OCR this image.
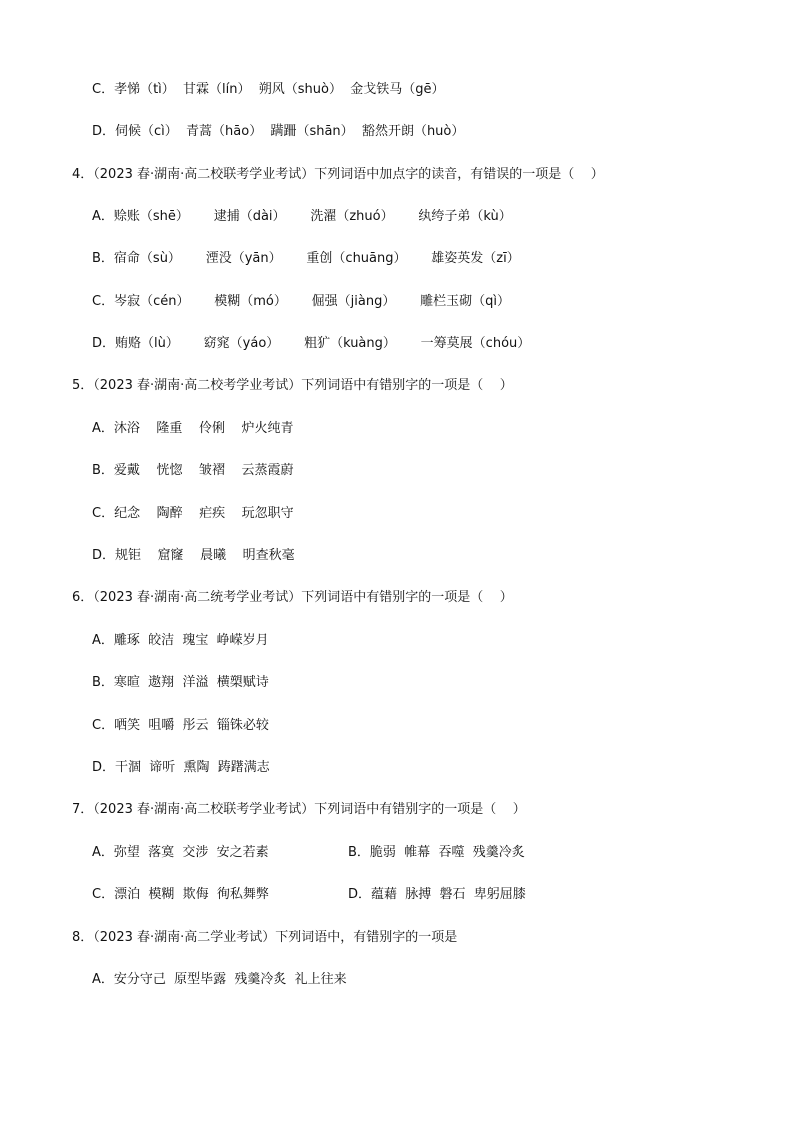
C．孝悌（tì）  甘霖（lín）  朔风（shuò）  金戈铁马（gē）
D．伺候（cì）  青蒿（hāo）  蹒跚（shān）  豁然开朗（huò）
4．（2023 春·湖南·高二校联考学业考试）下列词语中加点字的读音，有错误的一项是（    ）
A．赊账（shē）      逮捕（dài）      洗濯（zhuó）      纨绔子弟（kù）
B．宿命（sù）      湮没（yān）      重创（chuāng）      雄姿英发（zī）
C．岑寂（cén）      模糊（mó）      倔强（jiàng）      雕栏玉砌（qì）
D．贿赂（lù）      窈窕（yáo）      粗犷（kuàng）      一筹莫展（chóu）
5．（2023 春·湖南·高二校考学业考试）下列词语中有错别字的一项是（    ）
A．沐浴    隆重    伶俐    炉火纯青
B．爱戴    恍惚    皱褶    云蒸霞蔚
C．纪念    陶醉    疟疾    玩忽职守
D．规钜    窟窿    晨曦    明查秋毫
6．（2023 春·湖南·高二统考学业考试）下列词语中有错别字的一项是（    ）
A．雕琢  皎洁  瑰宝  峥嵘岁月
B．寒暄  遨翔  洋溢  横槊赋诗
C．哂笑  咀嚼  彤云  锱铢必较
D．干涸  谛听  熏陶  踌躇满志
7．（2023 春·湖南·高二校联考学业考试）下列词语中有错别字的一项是（    ）
A．弥望  落寞  交涉  安之若素	B．脆弱  帷幕  吞噬  残羹冷炙
C．漂泊  模糊  欺侮  徇私舞弊	D．蕴藉  脉搏  磐石  卑躬屈膝
8．（2023 春·湖南·高二学业考试）下列词语中，有错别字的一项是
A．安分守己  原型毕露  残羹冷炙  礼上往来
